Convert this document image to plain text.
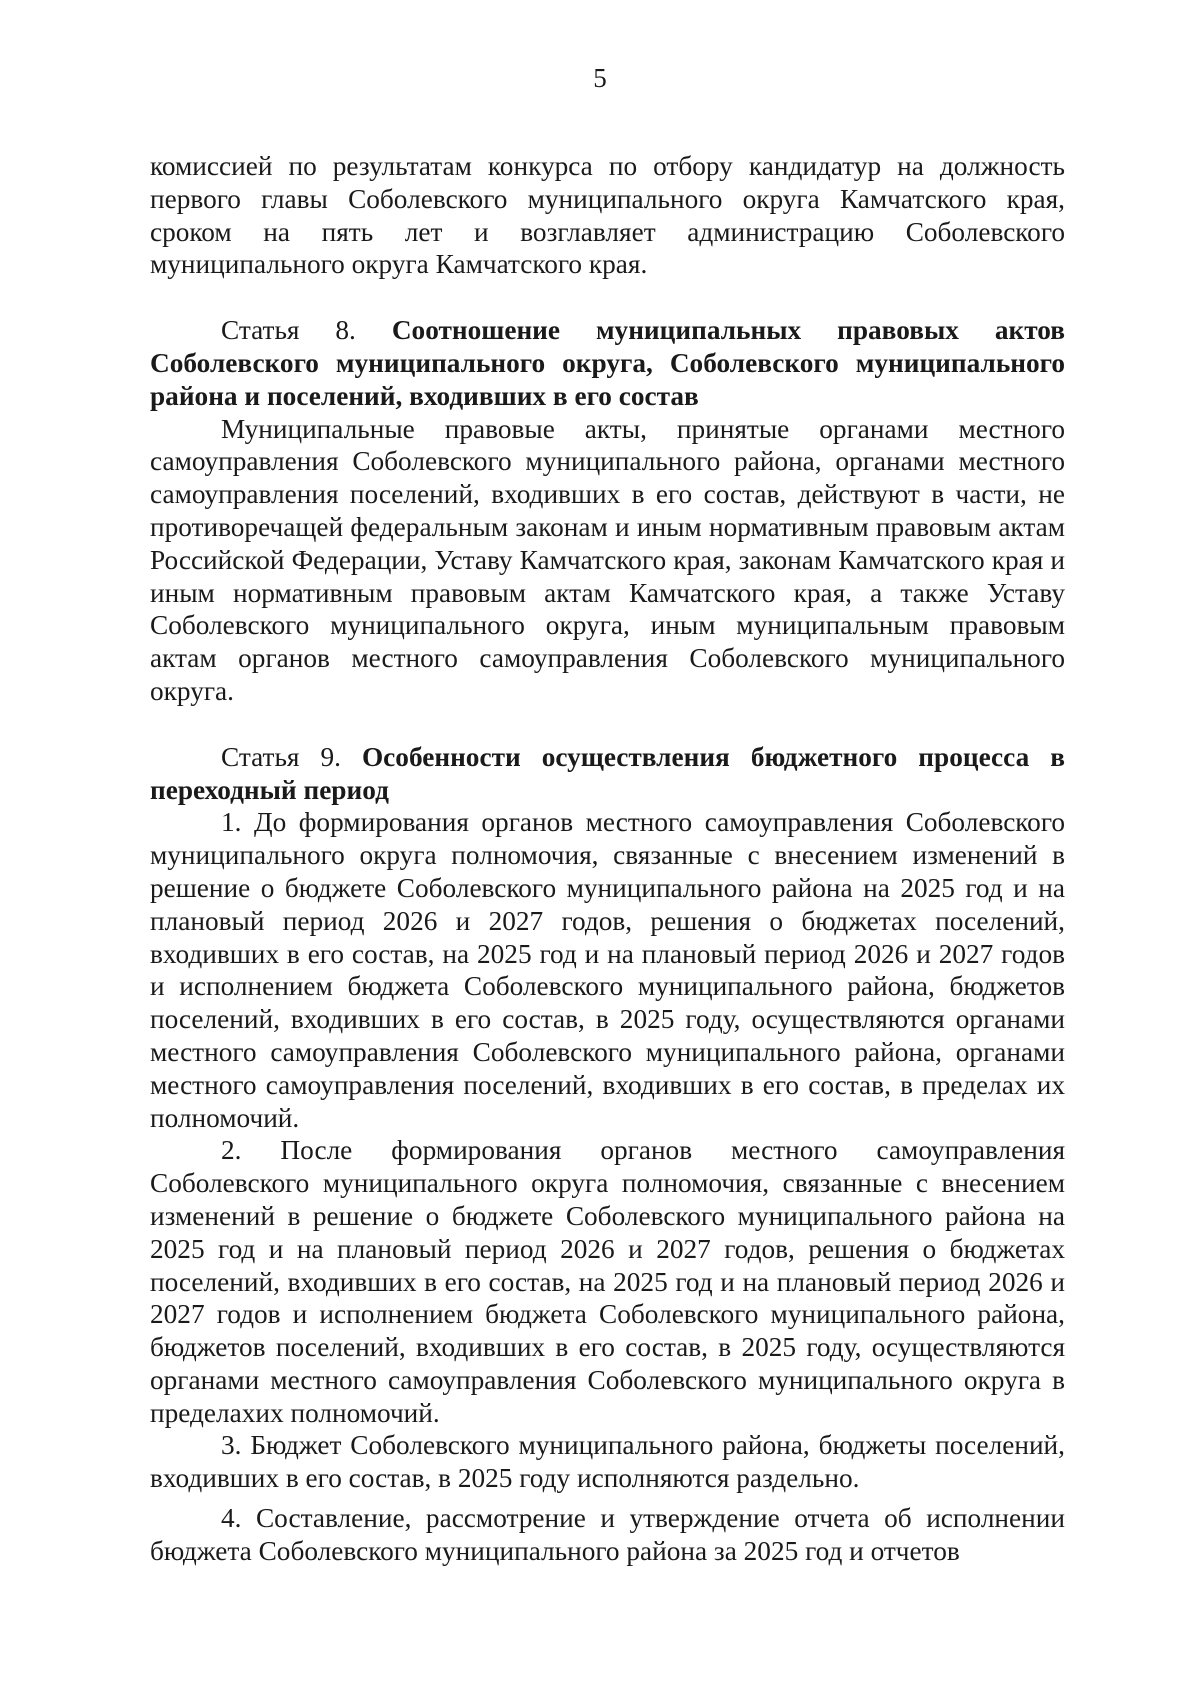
5

комиссией по результатам конкурса по отбору кандидатур на должность первого главы Соболевского муниципального округа Камчатского края, сроком на пять лет и возглавляет администрацию Соболевского муниципального округа Камчатского края.

Статья 8. Соотношение муниципальных правовых актов Соболевского муниципального округа, Соболевского муниципального района и поселений, входивших в его состав

Муниципальные правовые акты, принятые органами местного самоуправления Соболевского муниципального района, органами местного самоуправления поселений, входивших в его состав, действуют в части, не противоречащей федеральным законам и иным нормативным правовым актам Российской Федерации, Уставу Камчатского края, законам Камчатского края и иным нормативным правовым актам Камчатского края, а также Уставу Соболевского муниципального округа, иным муниципальным правовым актам органов местного самоуправления Соболевского муниципального округа.

Статья 9. Особенности осуществления бюджетного процесса в переходный период

1. До формирования органов местного самоуправления Соболевского муниципального округа полномочия, связанные с внесением изменений в решение о бюджете Соболевского муниципального района на 2025 год и на плановый период 2026 и 2027 годов, решения о бюджетах поселений, входивших в его состав, на 2025 год и на плановый период 2026 и 2027 годов и исполнением бюджета Соболевского муниципального района, бюджетов поселений, входивших в его состав, в 2025 году, осуществляются органами местного самоуправления Соболевского муниципального района, органами местного самоуправления поселений, входивших в его состав, в пределах их полномочий.

2. После формирования органов местного самоуправления Соболевского муниципального округа полномочия, связанные с внесением изменений в решение о бюджете Соболевского муниципального района на 2025 год и на плановый период 2026 и 2027 годов, решения о бюджетах поселений, входивших в его состав, на 2025 год и на плановый период 2026 и 2027 годов и исполнением бюджета Соболевского муниципального района, бюджетов поселений, входивших в его состав, в 2025 году, осуществляются органами местного самоуправления Соболевского муниципального округа в пределахих полномочий.

3. Бюджет Соболевского муниципального района, бюджеты поселений, входивших в его состав, в 2025 году исполняются раздельно.

4. Составление, рассмотрение и утверждение отчета об исполнении бюджета Соболевского муниципального района за 2025 год и отчетов
